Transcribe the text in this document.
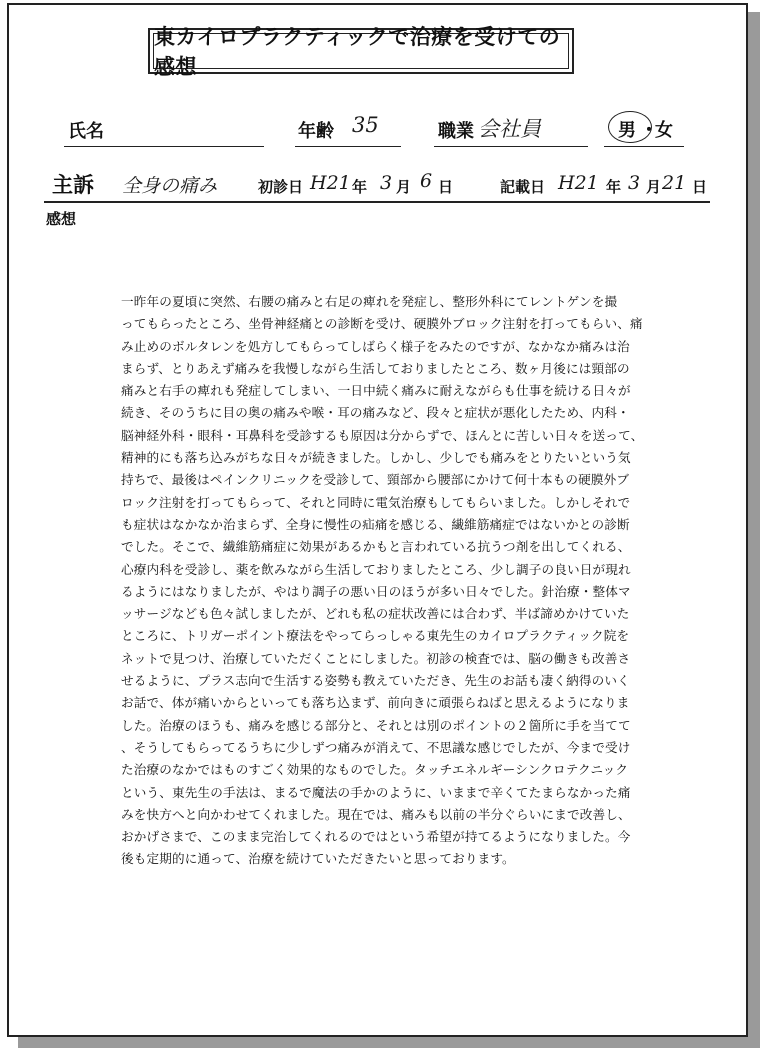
東カイロプラクティックで治療を受けての感想
氏名	年齢 35	職業 会社員	男 ・
女
主訴 全身の痛み	初診日 H21 年 3 月 6 日	記載日 H21 年 3 月 21 日
感想
一昨年の夏頃に突然、右腰の痛みと右足の痺れを発症し、整形外科にてレントゲンを撮
ってもらったところ、坐骨神経痛との診断を受け、硬膜外ブロック注射を打ってもらい、痛
み止めのボルタレンを処方してもらってしばらく様子をみたのですが、なかなか痛みは治
まらず、とりあえず痛みを我慢しながら生活しておりましたところ、数ヶ月後には頸部の
痛みと右手の痺れも発症してしまい、一日中続く痛みに耐えながらも仕事を続ける日々が
続き、そのうちに目の奥の痛みや喉・耳の痛みなど、段々と症状が悪化したため、内科・
脳神経外科・眼科・耳鼻科を受診するも原因は分からずで、ほんとに苦しい日々を送って、
精神的にも落ち込みがちな日々が続きました。しかし、少しでも痛みをとりたいという気
持ちで、最後はペインクリニックを受診して、頸部から腰部にかけて何十本もの硬膜外ブ
ロック注射を打ってもらって、それと同時に電気治療もしてもらいました。しかしそれで
も症状はなかなか治まらず、全身に慢性の疝痛を感じる、繊維筋痛症ではないかとの診断
でした。そこで、繊維筋痛症に効果があるかもと言われている抗うつ剤を出してくれる、
心療内科を受診し、薬を飲みながら生活しておりましたところ、少し調子の良い日が現れ
るようにはなりましたが、やはり調子の悪い日のほうが多い日々でした。針治療・整体マ
ッサージなども色々試しましたが、どれも私の症状改善には合わず、半ば諦めかけていた
ところに、トリガーポイント療法をやってらっしゃる東先生のカイロプラクティック院を
ネットで見つけ、治療していただくことにしました。初診の検査では、脳の働きも改善さ
せるように、プラス志向で生活する姿勢も教えていただき、先生のお話も凄く納得のいく
お話で、体が痛いからといっても落ち込まず、前向きに頑張らねばと思えるようになりま
した。治療のほうも、痛みを感じる部分と、それとは別のポイントの２箇所に手を当てて
、そうしてもらってるうちに少しずつ痛みが消えて、不思議な感じでしたが、今まで受け
た治療のなかではものすごく効果的なものでした。タッチエネルギーシンクロテクニック
という、東先生の手法は、まるで魔法の手かのように、いままで辛くてたまらなかった痛
みを快方へと向かわせてくれました。現在では、痛みも以前の半分ぐらいにまで改善し、
おかげさまで、このまま完治してくれるのではという希望が持てるようになりました。今
後も定期的に通って、治療を続けていただきたいと思っております。
